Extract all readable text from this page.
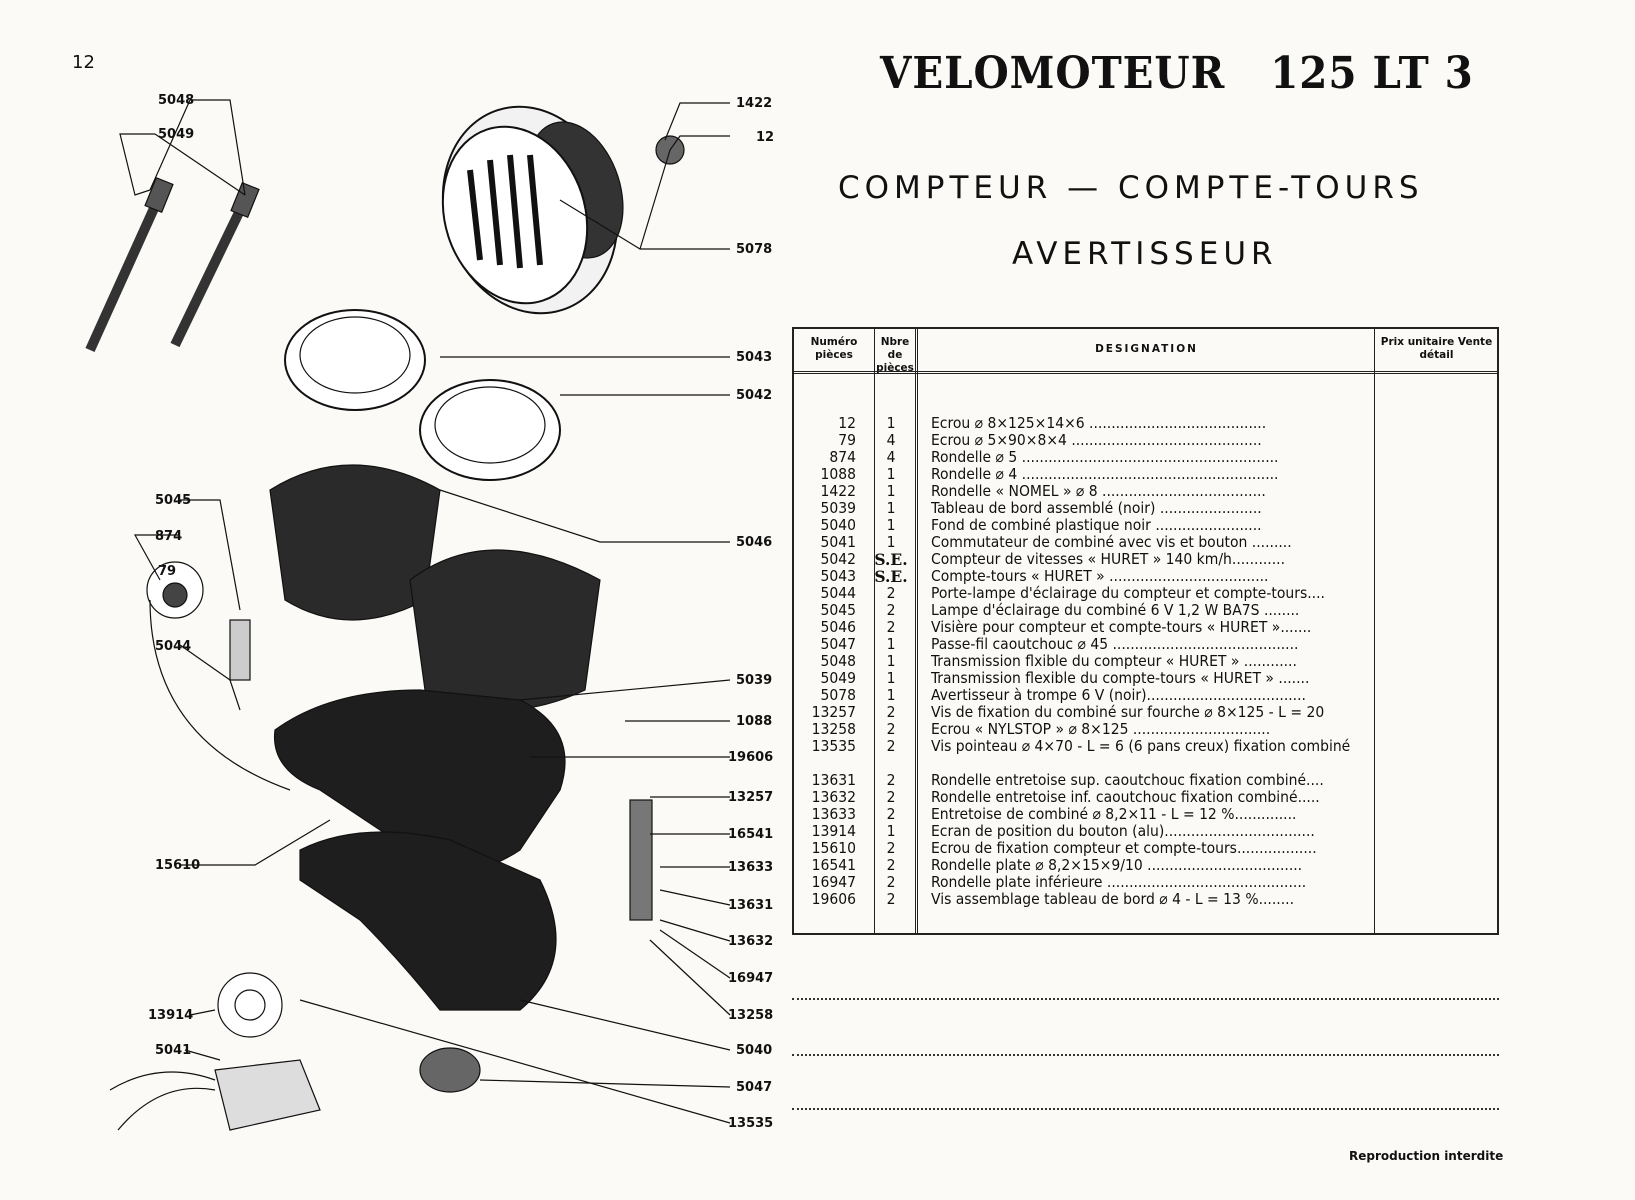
12	VELOMOTEUR   125 LT 3
COMPTEUR — COMPTE-TOURS
AVERTISSEUR
5048
5049
1422
12
5078
5043
5042
5045
874
79
5046
5044
5039
1088
19606
13257
16541
15610	13633
13631
13632
16947
13914	13258
5041	5040
5047
13535
Numéro pièces
Nbre de pièces
DESIGNATION
Prix unitaire Vente détail
12	1	Ecrou ⌀ 8×125×14×6 ........................................
79	4	Ecrou ⌀ 5×90×8×4 ...........................................
874	4	Rondelle ⌀ 5 ..........................................................
1088	1	Rondelle ⌀ 4 ..........................................................
1422	1	Rondelle « NOMEL » ⌀ 8 .....................................
5039	1	Tableau de bord assemblé (noir) .......................
5040	1	Fond de combiné plastique noir ........................
5041	1	Commutateur de combiné avec vis et bouton .........
5042 S.E. Compteur de vitesses « HURET » 140 km/h............
5043 S.E. Compte-tours « HURET » ....................................
5044	2	Porte-lampe d'éclairage du compteur et compte-tours....
5045	2	Lampe d'éclairage du combiné 6 V 1,2 W BA7S ........
5046	2	Visière pour compteur et compte-tours « HURET ».......
5047	1	Passe-fil caoutchouc ⌀ 45 ..........................................
5048	1	Transmission flxible du compteur « HURET » ............
5049	1	Transmission flexible du compte-tours « HURET » .......
5078	1	Avertisseur à trompe 6 V (noir)....................................
13257	2	Vis de fixation du combiné sur fourche ⌀ 8×125 - L = 20
13258	2	Ecrou « NYLSTOP » ⌀ 8×125 ...............................
13535	2	Vis pointeau ⌀ 4×70 - L = 6 (6 pans creux) fixation combiné
13631	2	Rondelle entretoise sup. caoutchouc fixation combiné....
13632	2	Rondelle entretoise inf. caoutchouc fixation combiné.....
13633	2	Entretoise de combiné ⌀ 8,2×11 - L = 12 %..............
13914	1	Ecran de position du bouton (alu)..................................
15610	2	Ecrou de fixation compteur et compte-tours..................
16541	2	Rondelle plate ⌀ 8,2×15×9/10 ...................................
16947	2	Rondelle plate inférieure .............................................
19606	2	Vis assemblage tableau de bord ⌀ 4 - L = 13 %........
Reproduction interdite
